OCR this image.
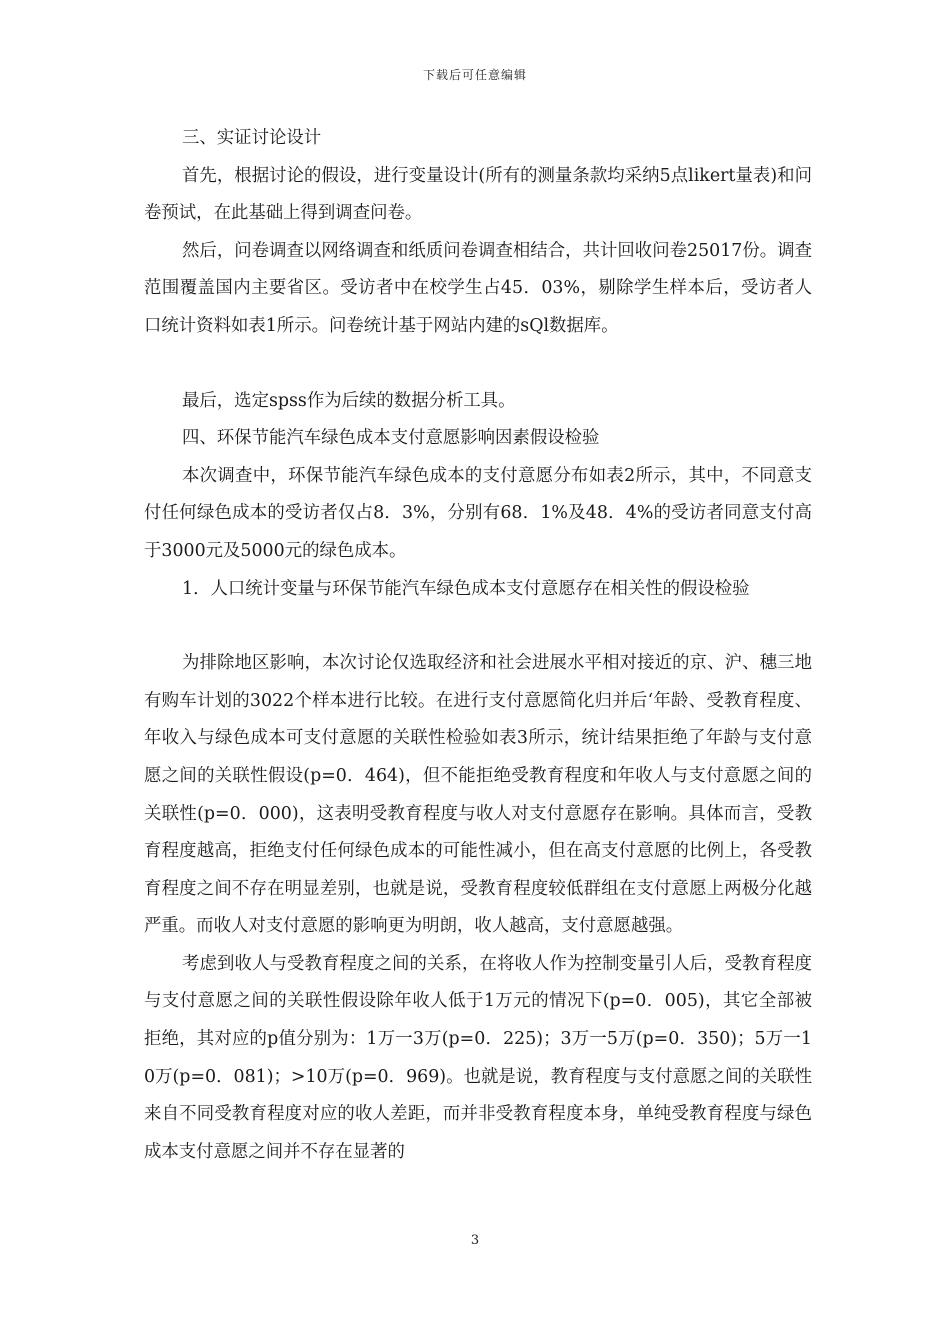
下载后可任意编辑

三、实证讨论设计

首先，根据讨论的假设，进行变量设计(所有的测量条款均采纳5点likert量表)和问卷预试，在此基础上得到调查问卷。

然后，问卷调查以网络调查和纸质问卷调查相结合，共计回收问卷25017份。调查范围覆盖国内主要省区。受访者中在校学生占45．03%，剔除学生样本后，受访者人口统计资料如表1所示。问卷统计基于网站内建的sQl数据库。

最后，选定spss作为后续的数据分析工具。

四、环保节能汽车绿色成本支付意愿影响因素假设检验

本次调查中，环保节能汽车绿色成本的支付意愿分布如表2所示，其中，不同意支付任何绿色成本的受访者仅占8．3%，分别有68．1%及48．4%的受访者同意支付高于3000元及5000元的绿色成本。

1．人口统计变量与环保节能汽车绿色成本支付意愿存在相关性的假设检验

为排除地区影响，本次讨论仅选取经济和社会进展水平相对接近的京、沪、穗三地有购车计划的3022个样本进行比较。在进行支付意愿简化归并后‘年龄、受教育程度、年收入与绿色成本可支付意愿的关联性检验如表3所示，统计结果拒绝了年龄与支付意愿之间的关联性假设(p=0．464)，但不能拒绝受教育程度和年收人与支付意愿之间的关联性(p=0．000)，这表明受教育程度与收人对支付意愿存在影响。具体而言，受教育程度越高，拒绝支付任何绿色成本的可能性减小，但在高支付意愿的比例上，各受教育程度之间不存在明显差别，也就是说，受教育程度较低群组在支付意愿上两极分化越严重。而收人对支付意愿的影响更为明朗，收人越高，支付意愿越强。

考虑到收人与受教育程度之间的关系，在将收人作为控制变量引人后，受教育程度与支付意愿之间的关联性假设除年收人低于1万元的情况下(p=0．005)，其它全部被拒绝，其对应的p值分别为：1万一3万(p=0．225)；3万一5万(p=0．350)；5万一10万(p=0．081)；>10万(p=0．969)。也就是说，教育程度与支付意愿之间的关联性来自不同受教育程度对应的收人差距，而并非受教育程度本身，单纯受教育程度与绿色成本支付意愿之间并不存在显著的

3
